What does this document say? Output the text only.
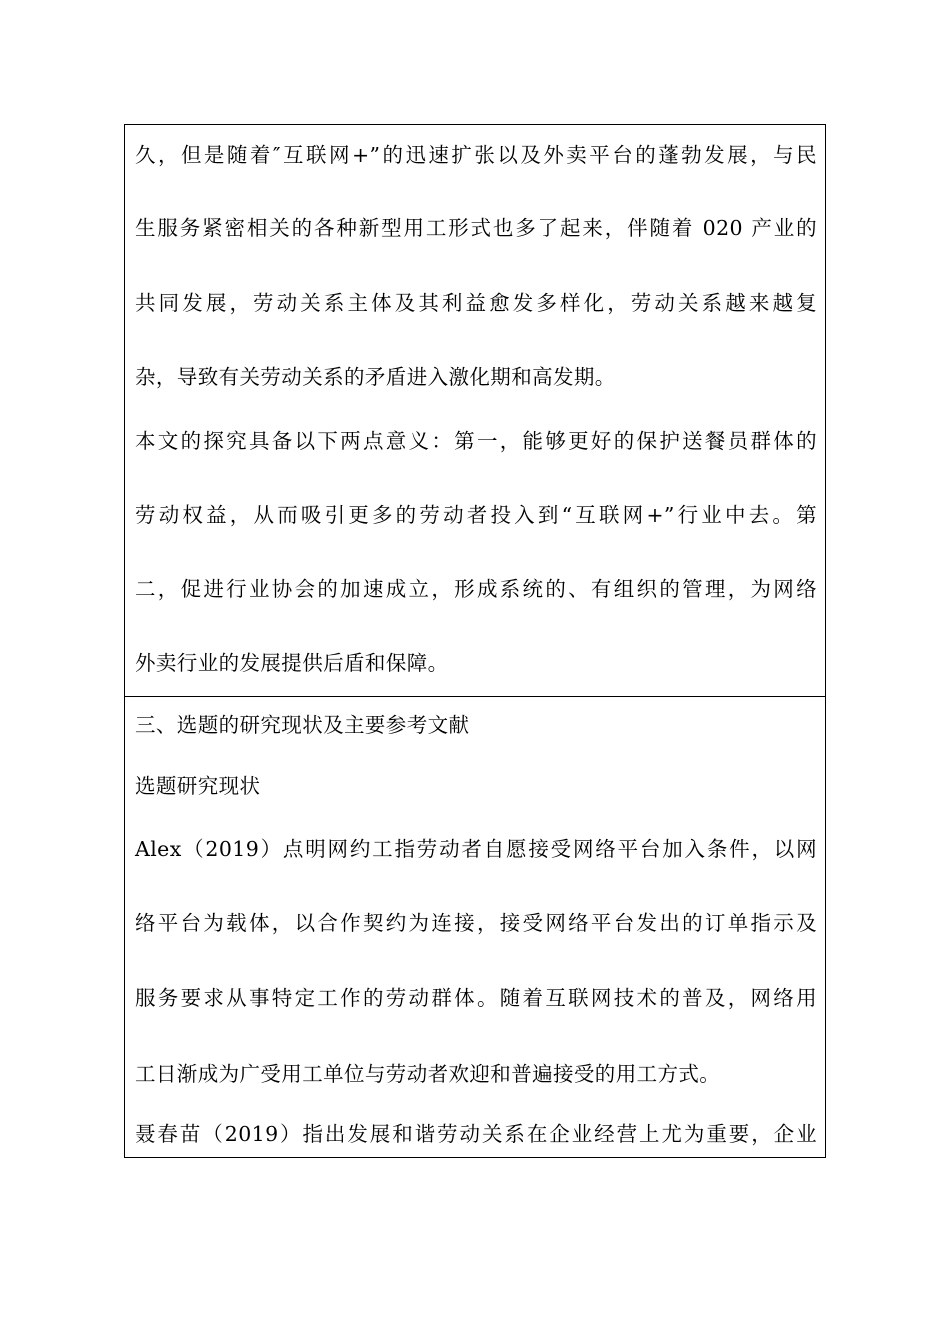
久，但是随着″互联网+”的迅速扩张以及外卖平台的蓬勃发展，与民
生服务紧密相关的各种新型用工形式也多了起来，伴随着 020 产业的
共同发展，劳动关系主体及其利益愈发多样化，劳动关系越来越复
杂，导致有关劳动关系的矛盾进入激化期和高发期。
本文的探究具备以下两点意义：第一，能够更好的保护送餐员群体的
劳动权益，从而吸引更多的劳动者投入到“互联网+”行业中去。第
二，促进行业协会的加速成立，形成系统的、有组织的管理，为网络
外卖行业的发展提供后盾和保障。
三、选题的研究现状及主要参考文献
选题研究现状
Alex（2019）点明网约工指劳动者自愿接受网络平台加入条件，以网
络平台为载体，以合作契约为连接，接受网络平台发出的订单指示及
服务要求从事特定工作的劳动群体。随着互联网技术的普及，网络用
工日渐成为广受用工单位与劳动者欢迎和普遍接受的用工方式。
聂春苗（2019）指出发展和谐劳动关系在企业经营上尤为重要，企业
